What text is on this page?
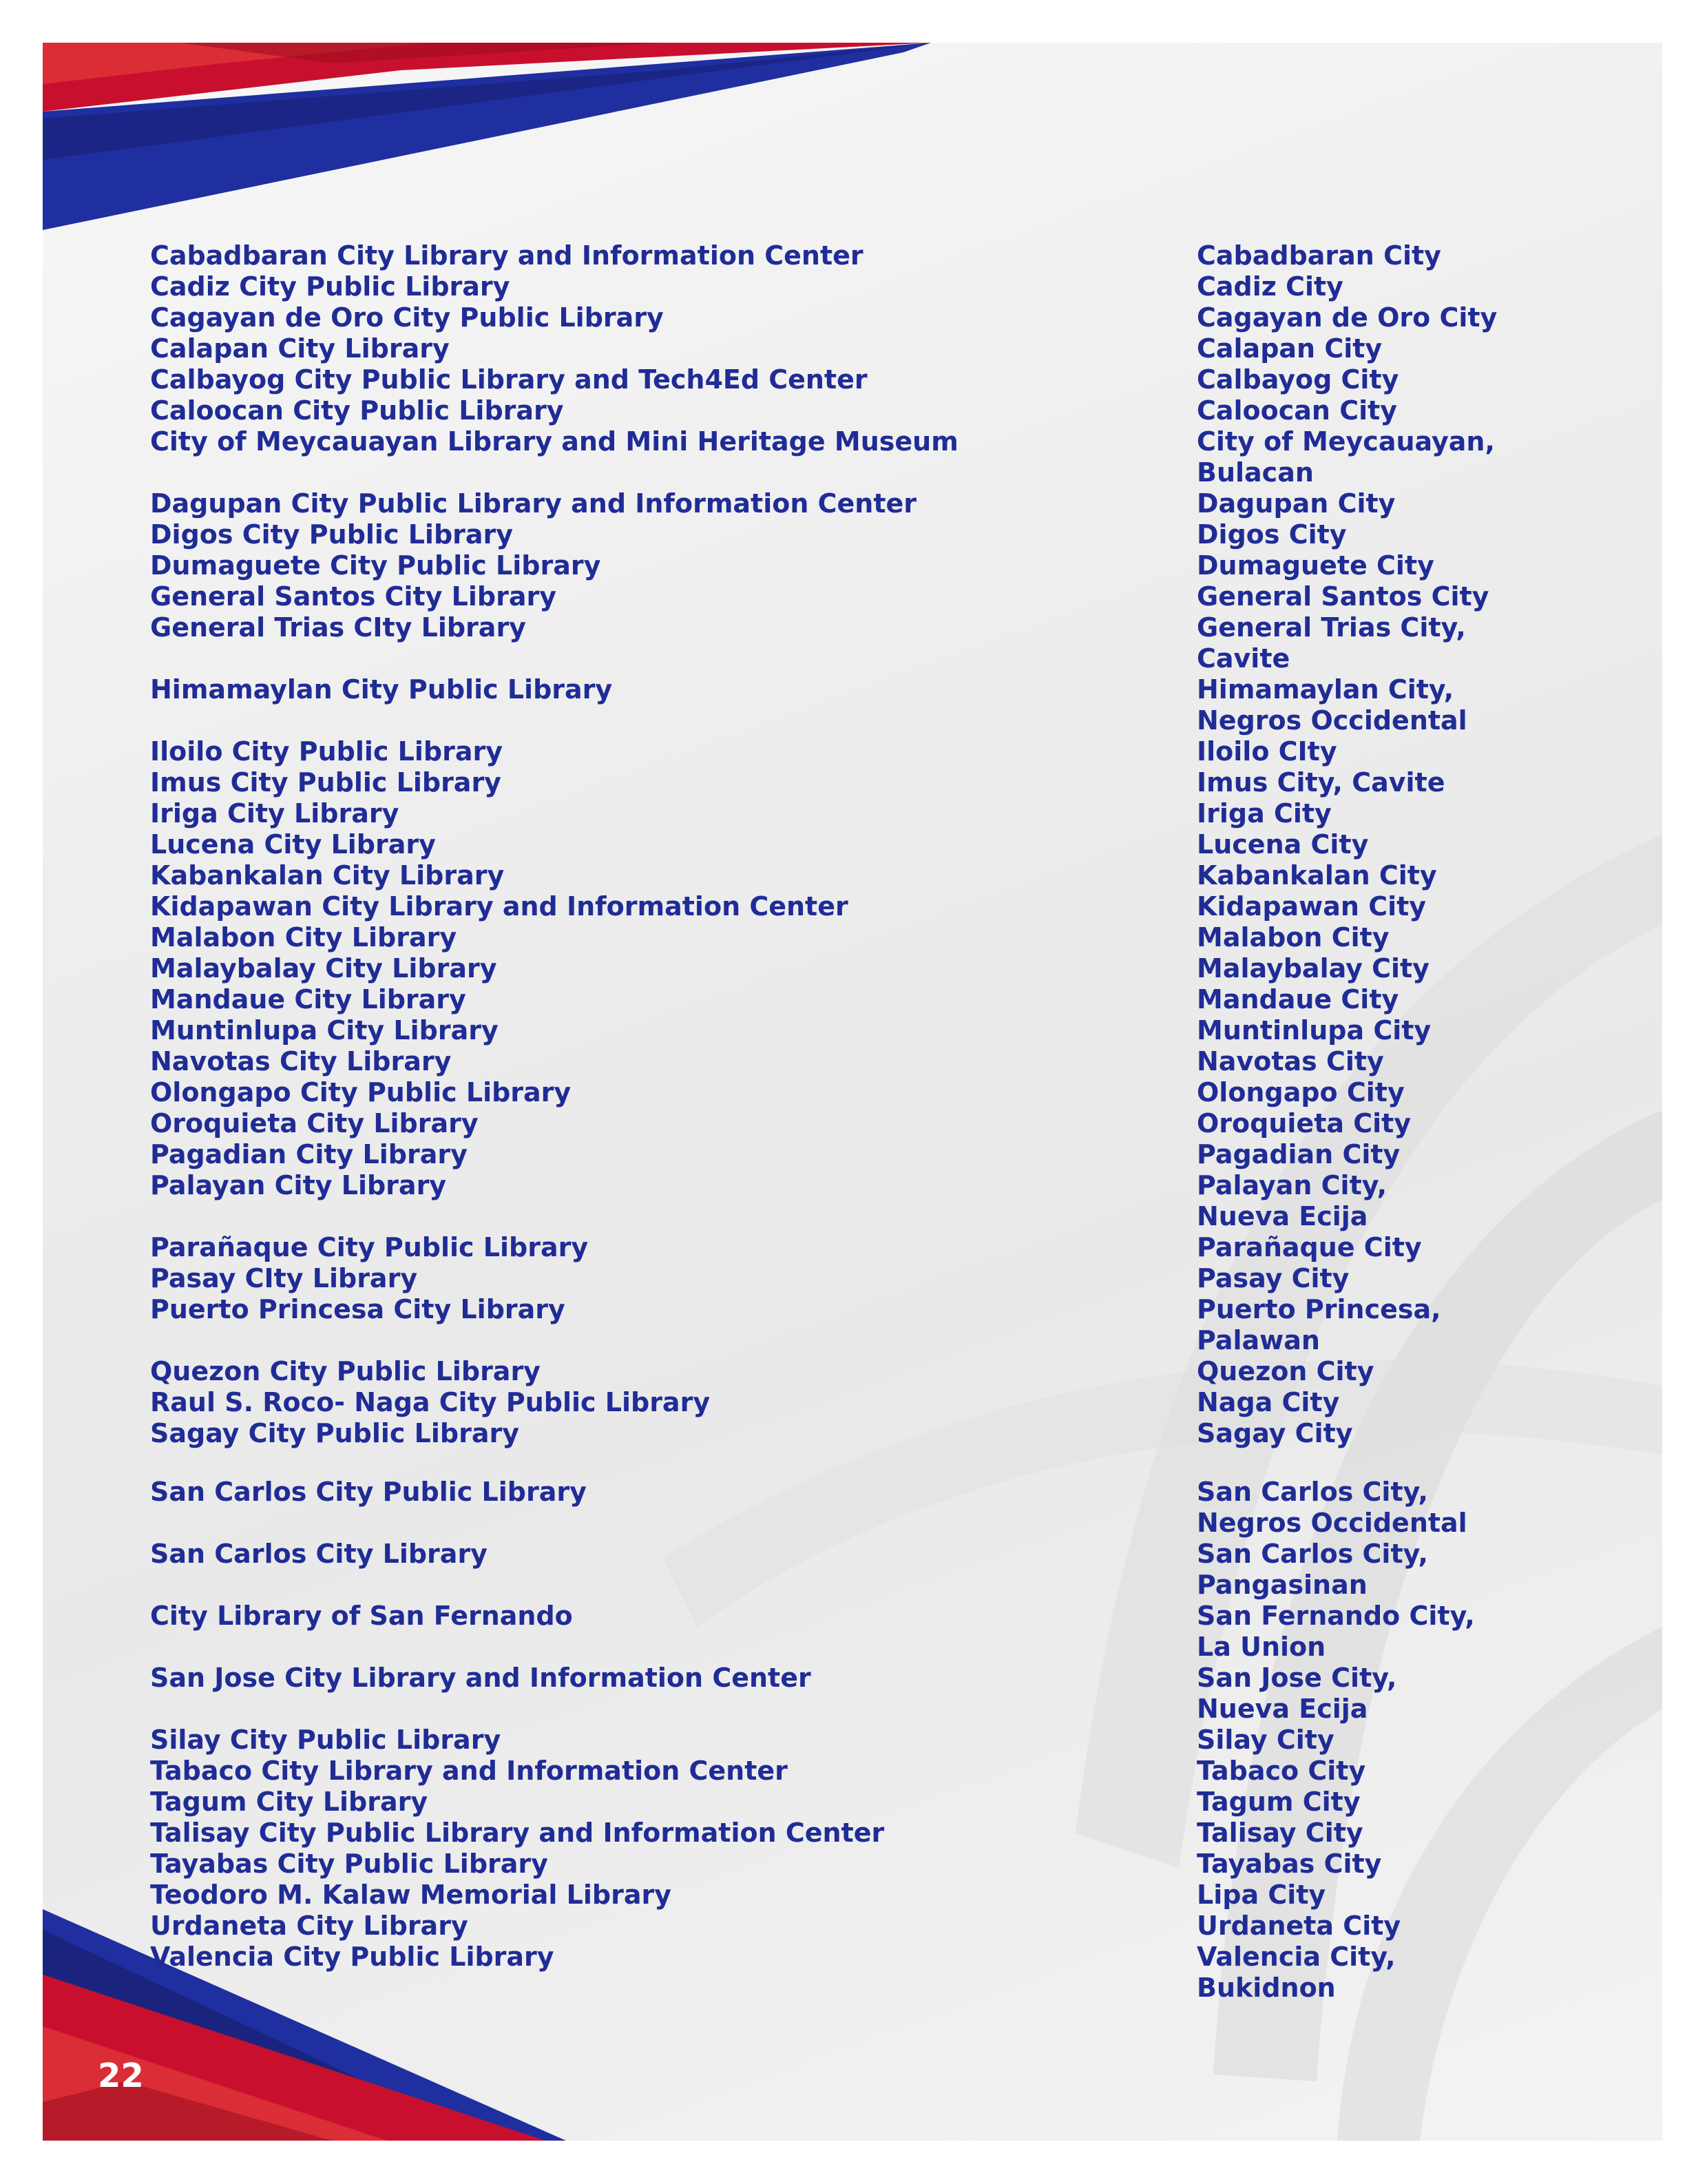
Cabadbaran City Library and Information Center	Cabadbaran City
Cadiz City Public Library	Cadiz City
Cagayan de Oro City Public Library	Cagayan de Oro City
Calapan City Library	Calapan City
Calbayog City Public Library and Tech4Ed Center	Calbayog City
Caloocan City Public Library	Caloocan City
City of Meycauayan Library and Mini Heritage Museum	City of Meycauayan,
Bulacan
Dagupan City Public Library and Information Center	Dagupan City
Digos City Public Library	Digos City
Dumaguete City Public Library	Dumaguete City
General Santos City Library	General Santos City
General Trias CIty Library	General Trias City,
Cavite
Himamaylan City Public Library	Himamaylan City,
Negros Occidental
Iloilo City Public Library	Iloilo CIty
Imus City Public Library	Imus City, Cavite
Iriga City Library	Iriga City
Lucena City Library	Lucena City
Kabankalan City Library	Kabankalan City
Kidapawan City Library and Information Center	Kidapawan City
Malabon City Library	Malabon City
Malaybalay City Library	Malaybalay City
Mandaue City Library	Mandaue City
Muntinlupa City Library	Muntinlupa City
Navotas City Library	Navotas City
Olongapo City Public Library	Olongapo City
Oroquieta City Library	Oroquieta City
Pagadian City Library	Pagadian City
Palayan City Library	Palayan City,
Nueva Ecija
Parañaque City Public Library	Parañaque City
Pasay CIty Library	Pasay City
Puerto Princesa City Library	Puerto Princesa,
Palawan
Quezon City Public Library	Quezon City
Raul S. Roco- Naga City Public Library	Naga City
Sagay City Public Library	Sagay City
San Carlos City Public Library	San Carlos City,
Negros Occidental
San Carlos City Library	San Carlos City,
Pangasinan
City Library of San Fernando	San Fernando City,
La Union
San Jose City Library and Information Center	San Jose City,
Nueva Ecija
Silay City Public Library	Silay City
Tabaco City Library and Information Center	Tabaco City
Tagum City Library	Tagum City
Talisay City Public Library and Information Center	Talisay City
Tayabas City Public Library	Tayabas City
Teodoro M. Kalaw Memorial Library	Lipa City
Urdaneta City Library	Urdaneta City
Valencia City Public Library	Valencia City,
Bukidnon
22
